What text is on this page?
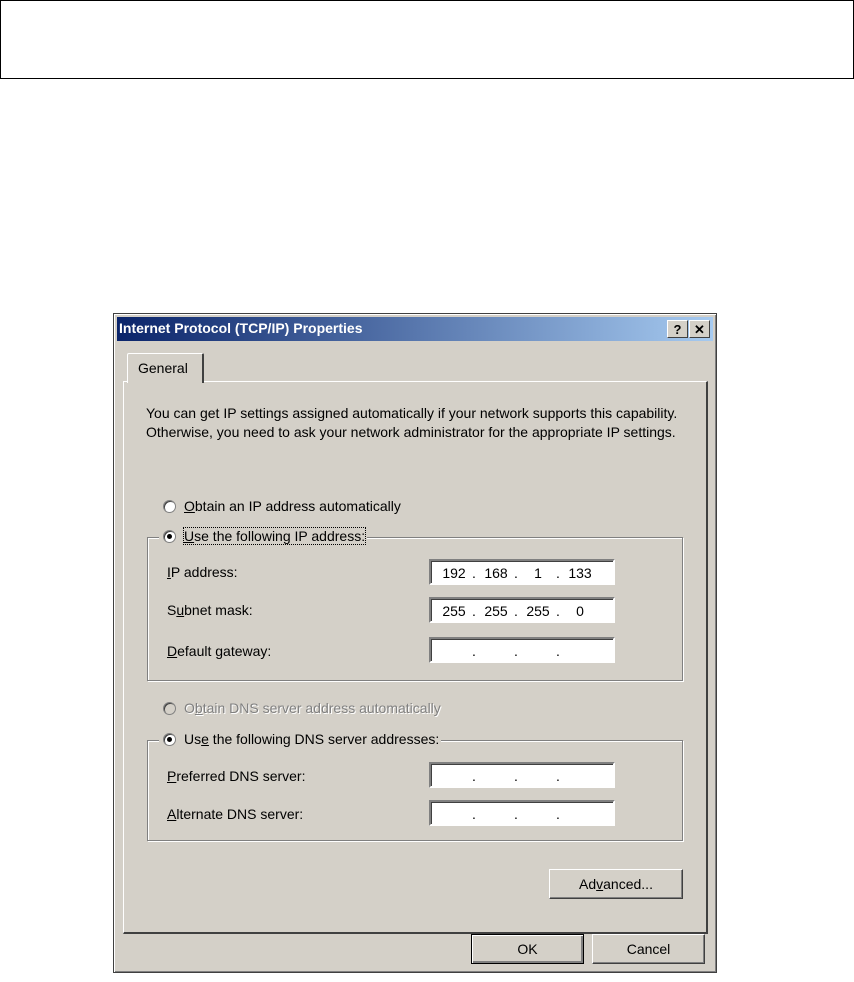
Internet Protocol (TCP/IP) Properties	? ✕
General
You can get IP settings assigned automatically if your network supports this capability. Otherwise, you need to ask your network administrator for the appropriate IP settings.
Obtain an IP address automatically
Use the following IP address:
IP address:	192 . 168 .	1	. 133
Subnet mask:	255 . 255 . 255 .	0
Default gateway:	.	.	.
Obtain DNS server address automatically
Use the following DNS server addresses:
Preferred DNS server:	.	.	.
Alternate DNS server:	.	.	.
Advanced...
OK	Cancel
